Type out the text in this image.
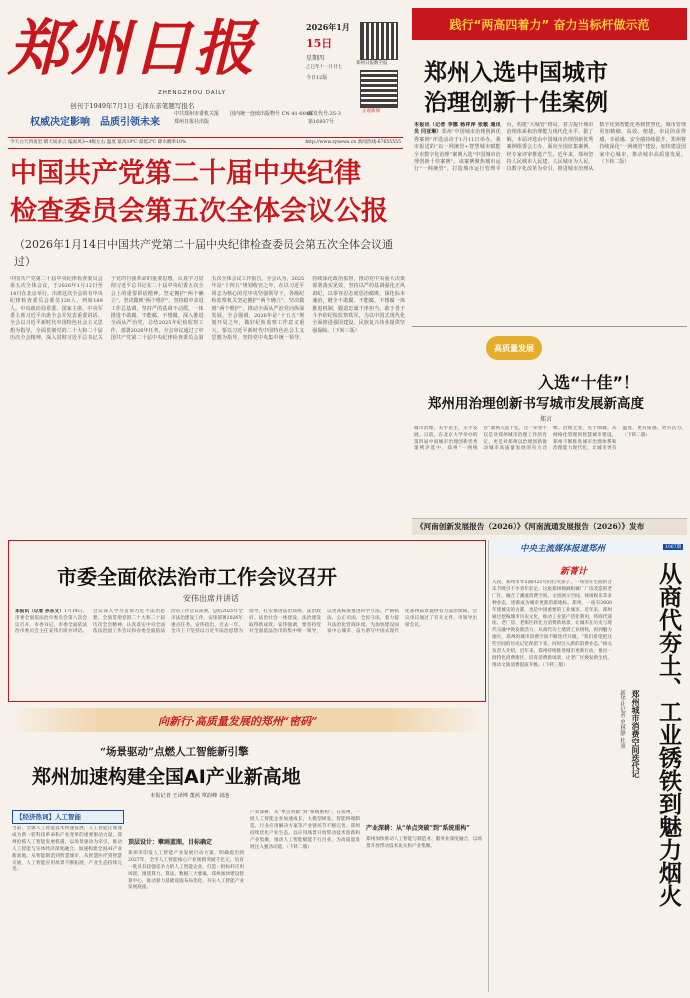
郑州日报
ZHENGZHOU DAILY
创刊于1949年7月1日 毛泽东亲笔题写报名
权威决定影响 品质引领未来
中共郑州市委机关报
郑州日报社出版
国内统一连续出版物号 CN 41-0048
邮发代号:35-3
第16937号
2026年1月
15日
星期四
乙巳年十一月廿七
今日12版
郑州日报数字报
正观新闻
今天白天到夜里 晴天间多云 偏南风3~4级左右 温度 最高19℃ 最低2℃ 降水概率10%	http://www.zynews.cn 新闻热线:67655555
中国共产党第二十届中央纪律
检查委员会第五次全体会议公报
（2026年1月14日中国共产党第二十届中央纪律检查委员会第五次全体会议通过）
中国共产党第二十届中央纪律检查委员会第五次全体会议，于2026年1月12日至14日在北京举行。出席这次全会的有中央纪律检查委员会委员128人，列席189人。中央政治局常委、国家主席、中央军委主席习近平出席全会并发表重要讲话。全会以习近平新时代中国特色社会主义思想为指导，全面贯彻党的二十大和二十届历次全会精神，深入贯彻习近平总书记关于党的自我革命的重要思想，认真学习贯彻习近平总书记在二十届中央纪委五次全会上的重要讲话精神，坚定拥护“两个确立”，坚决做到“两个维护”，坚持稳中求进工作总基调，坚持严的基调不动摇，一体推进不敢腐、不能腐、不想腐，深入推进全面从严治党，总结2025年纪检监察工作，部署2026年任务。全会审议通过了中国共产党第二十届中央纪律检查委员会第五次全体会议工作报告。全会认为，2025年是“十四五”规划收官之年，在以习近平同志为核心的党中央坚强领导下，各级纪检监察机关坚定拥护“两个确立”、坚决做到“两个维护”，推动全面从严治党向纵深发展。全会强调，2026年是“十五五”规划开局之年，做好纪检监察工作意义重大。要以习近平新时代中国特色社会主义思想为指导，坚持党中央集中统一领导，持续深化政治监督，推动党中央重大决策部署落实见效，坚持以严的基调强化正风肃纪，以零容忍态度惩治腐败，深化标本兼治，健全不敢腐、不能腐、不想腐一体推进机制，锻造忠诚干净担当、敢于善于斗争的纪检监察铁军，为以中国式现代化全面推进强国建设、民族复兴伟业提供坚强保障。（下转三版）
践行“两高四着力” 奋力当标杆做示范
郑州入选中国城市
治理创新十佳案例
本报讯（记者 李娜 杨祥萍 张敏 通讯员 闫亚琳）郑州“中国城市治理创新优秀案例”评选活动于1月11日举办，我市报送的“以一网统管+智慧城市赋能全市数字化治理”案例入选“中国城市治理创新十佳案例”。该案例聚焦城市运行“一网统管”，打造城市运行管理平台，构建“大城管”格局，着力提升城市治理体系和治理能力现代化水平。据了解，本届评选由中国城市治理创新优秀案例组委会主办，面向全国征集案例，经专家评审推选产生。近年来，郑州坚持人民城市人民建、人民城市为人民，以数字化改革为牵引，推进城市治理从数字化到智能化再到智慧化，城市管理更加精细、高效、便捷，市民的获得感、幸福感、安全感持续提升。郑州将持续深化“一网统管”建设，加快建设国家中心城市，推动城市高质量发展。（下转二版）
高质量发展
入选“十佳”！
郑州用治理创新书写城市发展新高度
郑言
城市治理，关乎民生，关乎发展。日前，在北京大学举办的第四届中国城市治理创新优秀案例评选中，郑州“一网统管”案例入选十佳，这一荣誉不仅是对郑州城市治理工作的肯定，更是对郑州以治理创新推动城市高质量发展的有力诠释。治理之变，见于细微。从网格化管理到智慧城市建设，郑州不断推进城市治理体系和治理能力现代化，让城市更有温度、更有质感、更有活力。（下转二版）
《河南创新发展报告（2026）》《河南流通发展报告（2026）》发布
市委全面依法治市工作会议召开
安伟出席并讲话
本报讯（记者 孙东文）1月14日，市委全面依法治市委员会第八次会议召开。市委书记、市委全面依法治市委员会主任安伟出席并讲话。会议深入学习贯彻习近平法治思想，全面贯彻党的二十大和二十届历次全会精神，认真落实中央全面依法治国工作会议和省委全面依法治省工作会议部署，总结2025年全市法治建设工作，安排部署2026年重点任务。安伟指出，过去一年，全市上下坚持以习近平法治思想为指导，扎实推进法治郑州、法治政府、法治社会一体建设，法治建设取得新成效。安伟强调，要坚持党对全面依法治市的集中统一领导，以更高标准推进科学立法、严格执法、公正司法、全民守法，着力提升法治化营商环境，为加快建设国家中心城市、奋力谱写中国式现代化郑州篇章提供有力法治保障。会议审议通过了有关文件。市领导出席会议。
中央主流媒体报道郑州	1067期
新菁计	从商代夯土、工业锈铁到魅力烟火
郑州城市消费空间迭代记
新华社记者 史林静 杜童
入夜，郑州市华山路121号的打火孩子，一场别开生面的音乐节吸引不少青年驻足。这座郑州棉麻机械厂厂房改造的老厂区，融合了潮流消费空间、文创展示空间、休闲娱乐等多种业态，逐渐成为城市更新的新地标。郑州，一座有3600年建城史的古都，也是中国重要的工业城市。近年来，郑州通过挖掘城市历史文化，推动工业遗产活化利用，将商代遗址、老厂房、老街区转化为消费新场景，让城市在历史与现代交融中焕发新活力。从商代夯土墙到工业锈铁，再到魅力烟火，郑州的城市消费空间不断迭代升级。“我们希望把这些空间的历史记忆保留下来，同时注入新的消费业态。”相关负责人介绍。近年来，郑州持续推进城市更新行动，推出一批特色消费街区，培育消费新场景，让老厂区焕发新生机，推动文旅消费提质升级。（下转三版）
向新行·高质量发展的郑州“密码”
“场景驱动”点燃人工智能新引擎
郑州加速构建全国AI产业新高地
本报记者 王译博 董茜 覃韵峰 刘池
【经济热词】人工智能
当前，全球人工智能技术快速发展，人工智能正加速成为新一轮科技革命和产业变革的重要驱动力量。郑州抢抓人工智能发展机遇，以场景驱动为牵引，推动人工智能与实体经济深度融合，加速构建全国AI产业新高地。从智能制造到智慧城市，从智慧医疗到智慧交通，人工智能应用场景不断拓展，产业生态持续完善。
顶层设计：擘画蓝图，目标确定
郑州市印发人工智能产业发展行动方案，明确提出到2027年，全市人工智能核心产业规模突破千亿元，培育一批具有较强竞争力的人工智能企业，打造一批标杆应用场景。围绕算力、算法、数据三大要素，郑州加快建设智算中心，推动算力基础设施布局优化，夯实人工智能产业发展底座。
产业深耕，从“单点突破”到“系统重构”。在郑州，一批人工智能企业加速成长，大模型研发、智能终端制造、行业应用解决方案等产业链环节不断完善。郑州持续优化产业生态，以应用场景开放带动技术创新和产业集聚，推动人工智能赋能千行百业，为高质量发展注入强劲动能。（下转二版）
产业深耕：从“单点突破”到“系统重构”
郑州加快推动人工智能与制造业、服务业深度融合，以场景开放带动技术攻关和产业集聚。
